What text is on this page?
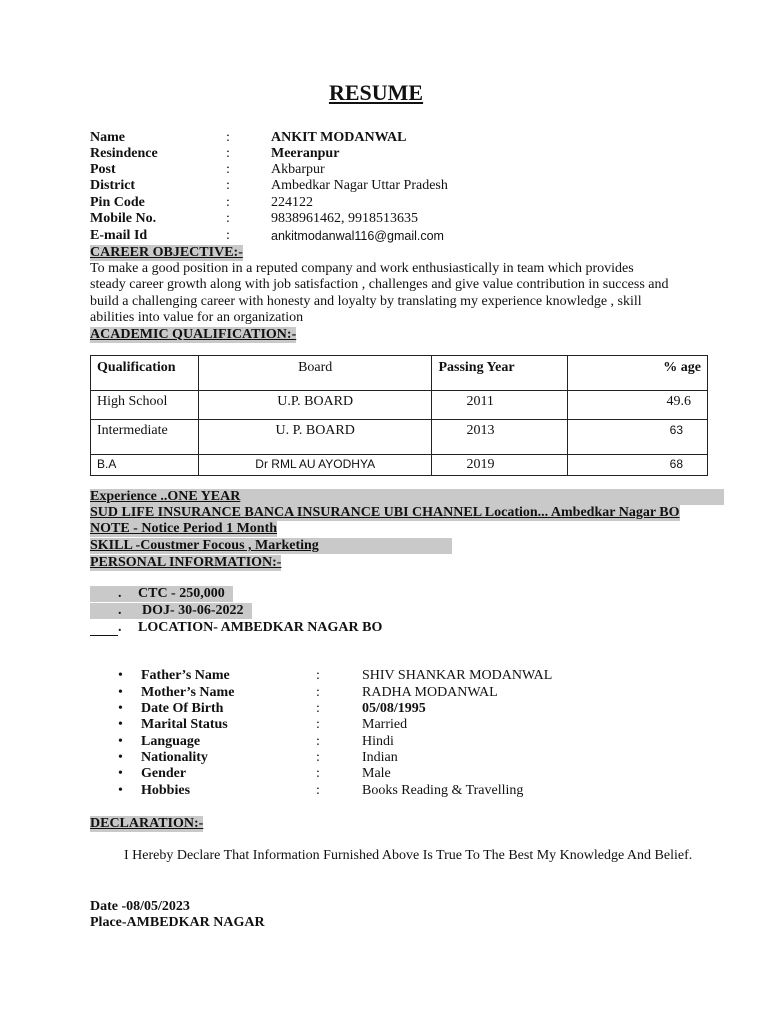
RESUME
Name	:	ANKIT MODANWAL
Resindence	:	Meeranpur
Post	:	Akbarpur
District	:	Ambedkar Nagar Uttar Pradesh
Pin Code	:	224122
Mobile No.	:	9838961462, 9918513635
E-mail Id	:	ankitmodanwal116@gmail.com
CAREER OBJECTIVE:-
To make a good position in a reputed company and work enthusiastically in team which provides
steady career growth along with job satisfaction , challenges and give value contribution in success and
build a challenging career with honesty and loyalty by translating my experience knowledge , skill
abilities into value for an organization
ACADEMIC QUALIFICATION:-
Qualification	Board	Passing Year	% age
High School	U.P. BOARD	2011	49.6
Intermediate	U. P. BOARD	2013	63
B.A	Dr RML AU AYODHYA	2019	68
Experience ..ONE YEAR
SUD LIFE INSURANCE BANCA INSURANCE UBI CHANNEL Location... Ambedkar Nagar BO
NOTE - Notice Period 1 Month
SKILL -Coustmer Focous , Marketing
PERSONAL INFORMATION:-
. CTC - 250,000
. DOJ- 30-06-2022
. LOCATION- AMBEDKAR NAGAR BO
• Father’s Name	:	SHIV SHANKAR MODANWAL
• Mother’s Name	:	RADHA MODANWAL
• Date Of Birth	:	05/08/1995
• Marital Status	:	Married
• Language	:	Hindi
• Nationality	:	Indian
• Gender	:	Male
• Hobbies	:	Books Reading & Travelling
DECLARATION:-
I Hereby Declare That Information Furnished Above Is True To The Best My Knowledge And Belief.
Date -08/05/2023
Place-AMBEDKAR NAGAR
